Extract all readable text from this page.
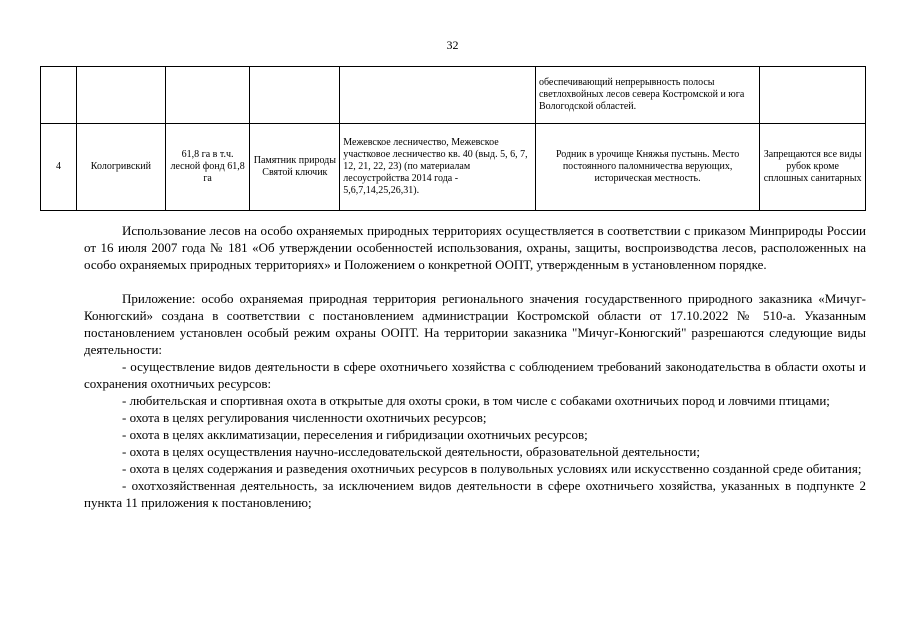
32
					обеспечивающий непрерывность полосы светлохвойных лесов севера Костромской и юга Вологодской областей.	
4	Кологривский	61,8 га в т.ч. лесной фонд 61,8 га	Памятник природы Святой ключик	Межевское лесничество, Межевское участковое лесничество кв. 40 (выд. 5, 6, 7, 12, 21, 22, 23) (по материалам лесоустройства 2014 года - 5,6,7,14,25,26,31).	Родник в урочище Княжья пустынь. Место постоянного паломничества верующих, историческая местность.	Запрещаются все виды рубок кроме сплошных санитарных

Использование лесов на особо охраняемых природных территориях осуществляется в соответствии с приказом Минприроды России от 16 июля 2007 года № 181 «Об утверждении особенностей использования, охраны, защиты, воспроизводства лесов, расположенных на особо охраняемых природных территориях» и Положением о конкретной ООПТ, утвержденным в установленном порядке.

Приложение: особо охраняемая природная территория регионального значения государственного природного заказника «Мичуг-Конюгский» создана в соответствии с постановлением администрации Костромской области от 17.10.2022 № 510-а. Указанным постановлением установлен особый режим охраны ООПТ. На территории заказника "Мичуг-Конюгский" разрешаются следующие виды деятельности:

- осуществление видов деятельности в сфере охотничьего хозяйства с соблюдением требований законодательства в области охоты и сохранения охотничьих ресурсов:

- любительская и спортивная охота в открытые для охоты сроки, в том числе с собаками охотничьих пород и ловчими птицами;

- охота в целях регулирования численности охотничьих ресурсов;

- охота в целях акклиматизации, переселения и гибридизации охотничьих ресурсов;

- охота в целях осуществления научно-исследовательской деятельности, образовательной деятельности;

- охота в целях содержания и разведения охотничьих ресурсов в полувольных условиях или искусственно созданной среде обитания;

- охотхозяйственная деятельность, за исключением видов деятельности в сфере охотничьего хозяйства, указанных в подпункте 2 пункта 11 приложения к постановлению;
